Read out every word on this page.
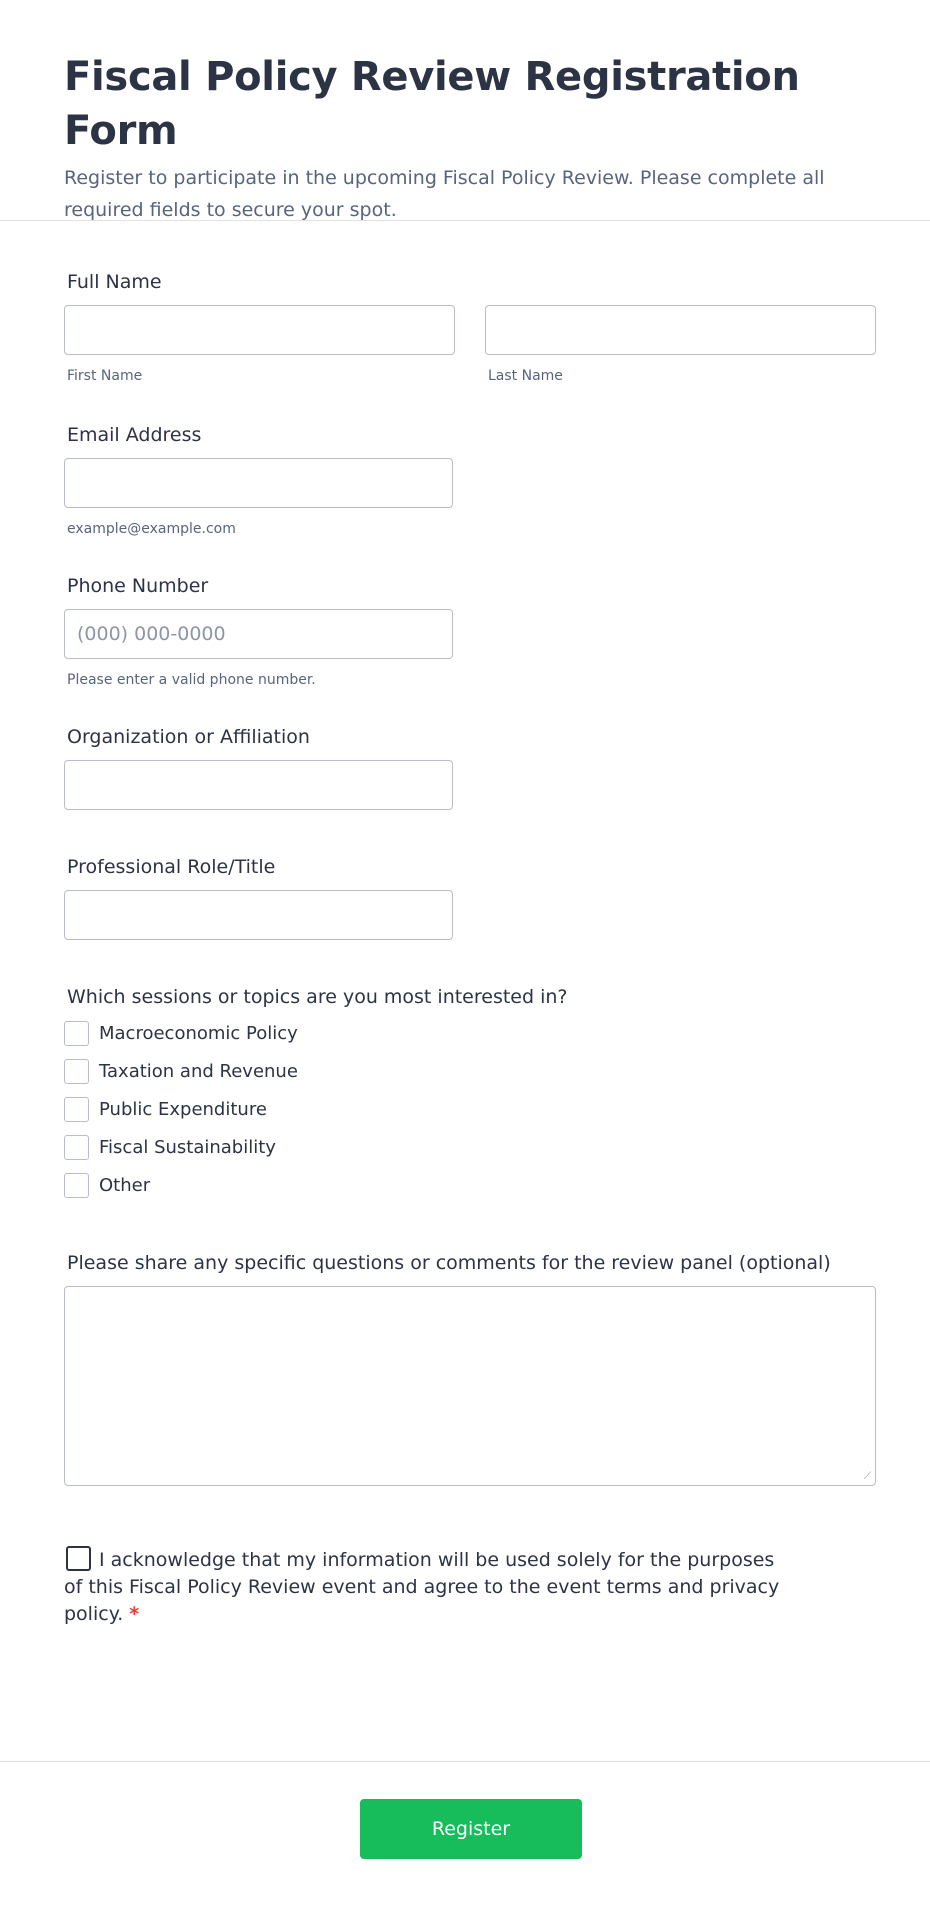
Fiscal Policy Review Registration Form

Register to participate in the upcoming Fiscal Policy Review. Please complete all required fields to secure your spot.

Full Name
First Name	Last Name
Email Address
example@example.com
Phone Number
(000) 000-0000
Please enter a valid phone number.
Organization or Affiliation
Professional Role/Title
Which sessions or topics are you most interested in?
Macroeconomic Policy
Taxation and Revenue
Public Expenditure
Fiscal Sustainability
Other
Please share any specific questions or comments for the review panel (optional)
⟋

I acknowledge that my information will be used solely for the purposes of this Fiscal Policy Review event and agree to the event terms and privacy policy. *

Register
